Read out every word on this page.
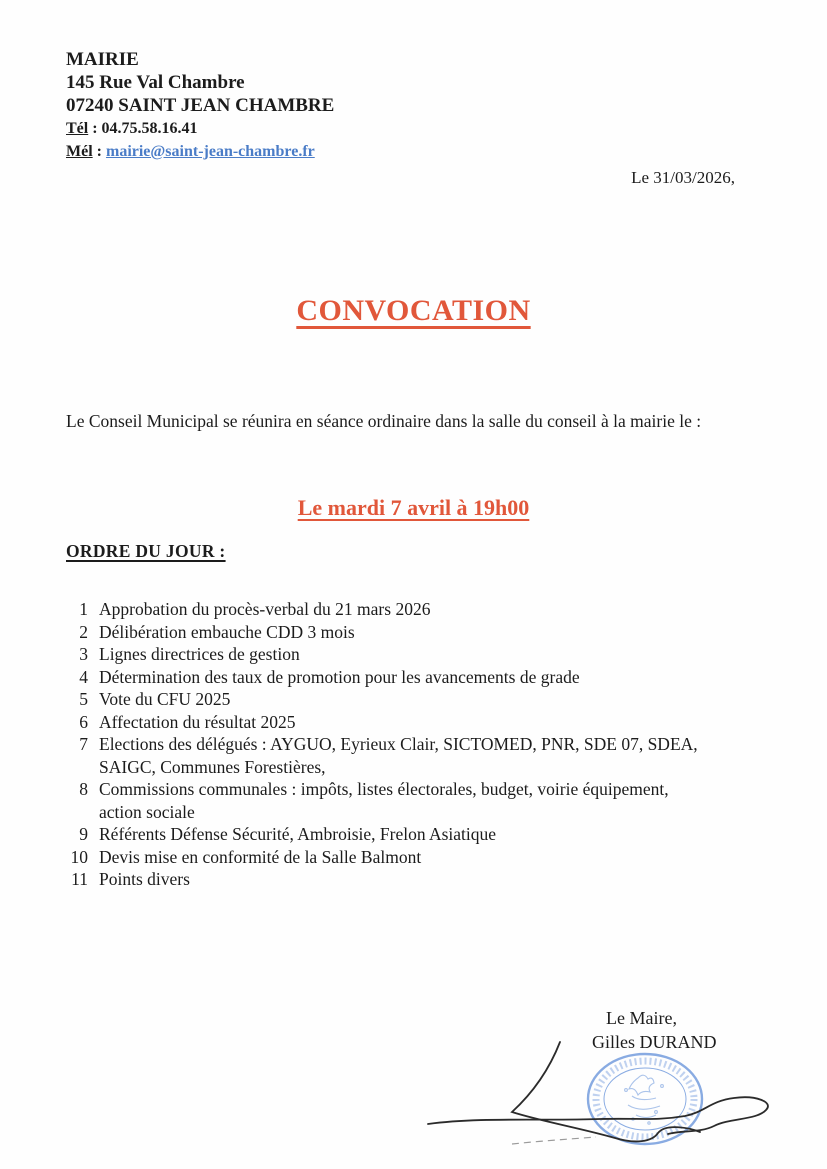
MAIRIE
145 Rue Val Chambre
07240 SAINT JEAN CHAMBRE
Tél : 04.75.58.16.41
Mél : mairie@saint-jean-chambre.fr
Le 31/03/2026,
CONVOCATION
Le Conseil Municipal se réunira en séance ordinaire dans la salle du conseil à la mairie le :
Le mardi 7 avril à 19h00
ORDRE DU JOUR :
1 Approbation du procès-verbal du 21 mars 2026
2 Délibération embauche CDD 3 mois
3 Lignes directrices de gestion
4 Détermination des taux de promotion pour les avancements de grade
5 Vote du CFU 2025
6 Affectation du résultat 2025
7 Elections des délégués : AYGUO, Eyrieux Clair, SICTOMED, PNR, SDE 07, SDEA, SAIGC, Communes Forestières,
8 Commissions communales : impôts, listes électorales, budget, voirie équipement, action sociale
9 Référents Défense Sécurité, Ambroisie, Frelon Asiatique
10 Devis mise en conformité de la Salle Balmont
11 Points divers
Le Maire,
Gilles DURAND
